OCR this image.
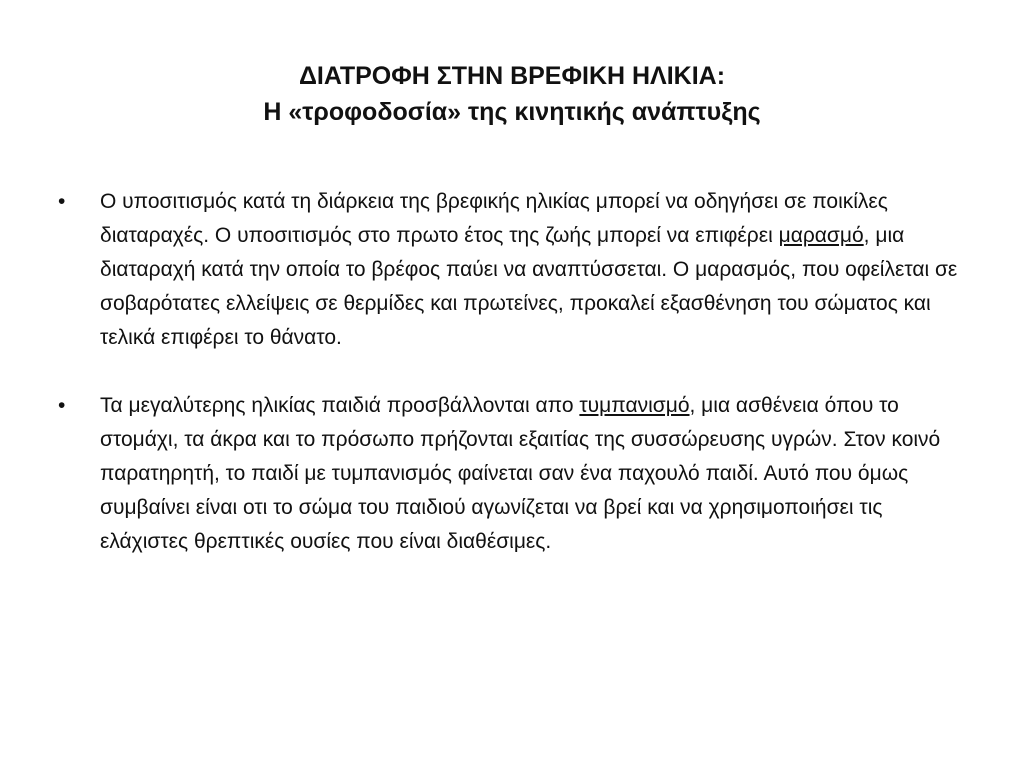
ΔΙΑΤΡΟΦΗ ΣΤΗΝ ΒΡΕΦΙΚΗ ΗΛΙΚΙΑ:
Η «τροφοδοσία» της κινητικής ανάπτυξης
• Ο υποσιτισμός κατά τη διάρκεια της βρεφικής ηλικίας μπορεί να οδηγήσει σε ποικίλες διαταραχές. Ο υποσιτισμός στο πρωτο έτος της ζωής μπορεί να επιφέρει μαρασμό, μια διαταραχή κατά την οποία το βρέφος παύει να αναπτύσσεται. Ο μαρασμός, που οφείλεται σε σοβαρότατες ελλείψεις σε θερμίδες και πρωτείνες, προκαλεί εξασθένηση του σώματος και τελικά επιφέρει το θάνατο.
• Τα μεγαλύτερης ηλικίας παιδιά προσβάλλονται απο τυμπανισμό, μια ασθένεια όπου το στομάχι, τα άκρα και το πρόσωπο πρήζονται εξαιτίας της συσσώρευσης υγρών. Στον κοινό παρατηρητή, το παιδί με τυμπανισμός φαίνεται σαν ένα παχουλό παιδί. Αυτό που όμως συμβαίνει είναι οτι το σώμα του παιδιού αγωνίζεται να βρεί και να χρησιμοποιήσει τις ελάχιστες θρεπτικές ουσίες που είναι διαθέσιμες.
